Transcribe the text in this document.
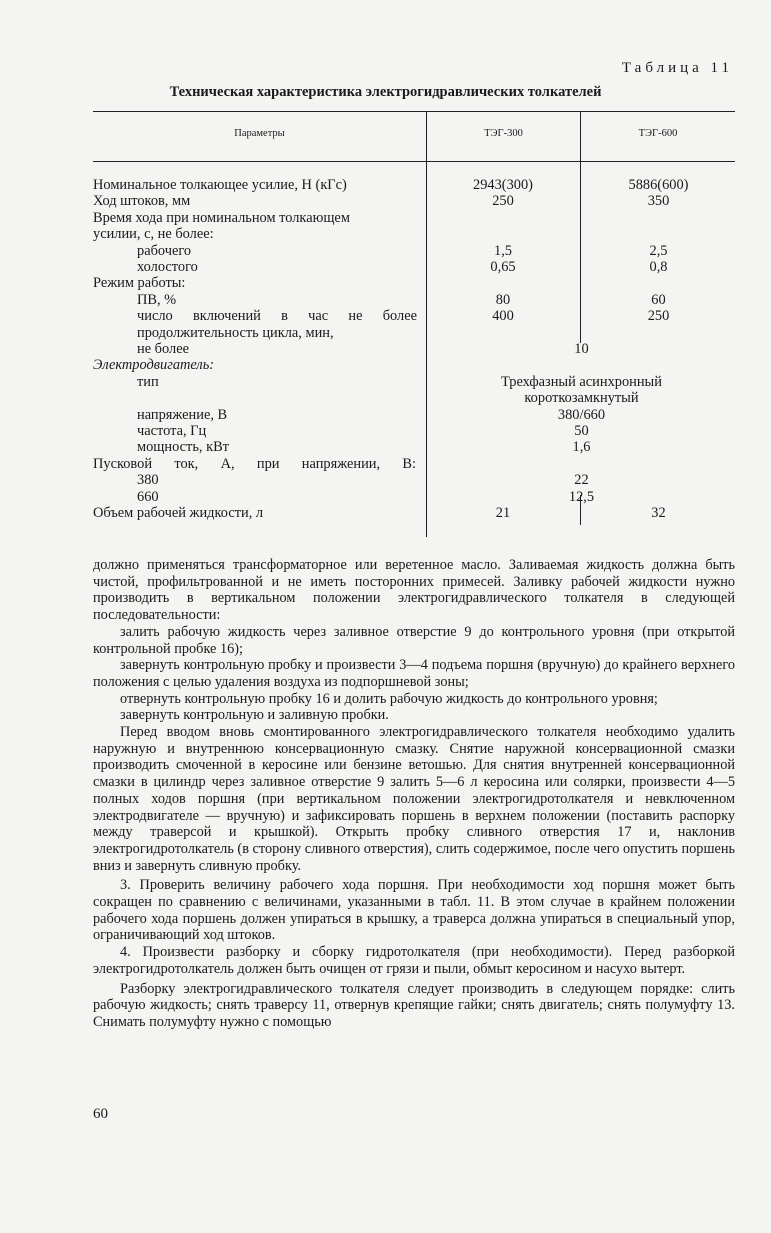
Таблица 11
Техническая характеристика электрогидравлических толкателей
Параметры	ТЭГ-300	ТЭГ-600
Номинальное толкающее усилие, Н (кГс)	2943(300)	5886(600)
Ход штоков, мм	250	350
Время хода при номинальном толкающем
усилии, с, не более:
рабочего	1,5	2,5
холостого	0,65	0,8
Режим работы:
ПВ, %	80	60
число включений в час не более	400	250
продолжительность цикла, мин,
не более	10
Электродвигатель:
тип	Трехфазный асинхронный
короткозамкнутый
напряжение, В	380/660
частота, Гц	50
мощность, кВт	1,6
Пусковой ток, А, при напряжении, В:
380	22
660	12,5
Объем рабочей жидкости, л	21	32

должно применяться трансформаторное или веретенное масло. Заливаемая жидкость должна быть чистой, профильтрованной и не иметь посторонних примесей. Заливку рабочей жидкости нужно производить в вертикальном положении электрогидравлического толкателя в следующей последовательности:

залить рабочую жидкость через заливное отверстие 9 до контрольного уровня (при открытой контрольной пробке 16);

завернуть контрольную пробку и произвести 3—4 подъема поршня (вручную) до крайнего верхнего положения с целью удаления воздуха из подпоршневой зоны;

отвернуть контрольную пробку 16 и долить рабочую жидкость до контрольного уровня;

завернуть контрольную и заливную пробки.

Перед вводом вновь смонтированного электрогидравлического толкателя необходимо удалить наружную и внутреннюю консервационную смазку. Снятие наружной консервационной смазки производить смоченной в керосине или бензине ветошью. Для снятия внутренней консервационной смазки в цилиндр через заливное отверстие 9 залить 5—6 л керосина или солярки, произвести 4—5 полных ходов поршня (при вертикальном положении электрогидротолкателя и невключенном электродвигателе — вручную) и зафиксировать поршень в верхнем положении (поставить распорку между траверсой и крышкой). Открыть пробку сливного отверстия 17 и, наклонив электрогидротолкатель (в сторону сливного отверстия), слить содержимое, после чего опустить поршень вниз и завернуть сливную пробку.

3. Проверить величину рабочего хода поршня. При необходимости ход поршня может быть сокращен по сравнению с величинами, указанными в табл. 11. В этом случае в крайнем положении рабочего хода поршень должен упираться в крышку, а траверса должна упираться в специальный упор, ограничивающий ход штоков.

4. Произвести разборку и сборку гидротолкателя (при необходимости). Перед разборкой электрогидротолкатель должен быть очищен от грязи и пыли, обмыт керосином и насухо вытерт.

Разборку электрогидравлического толкателя следует производить в следующем порядке: слить рабочую жидкость; снять траверсу 11, отвернув крепящие гайки; снять двигатель; снять полумуфту 13. Снимать полумуфту нужно с помощью

60
